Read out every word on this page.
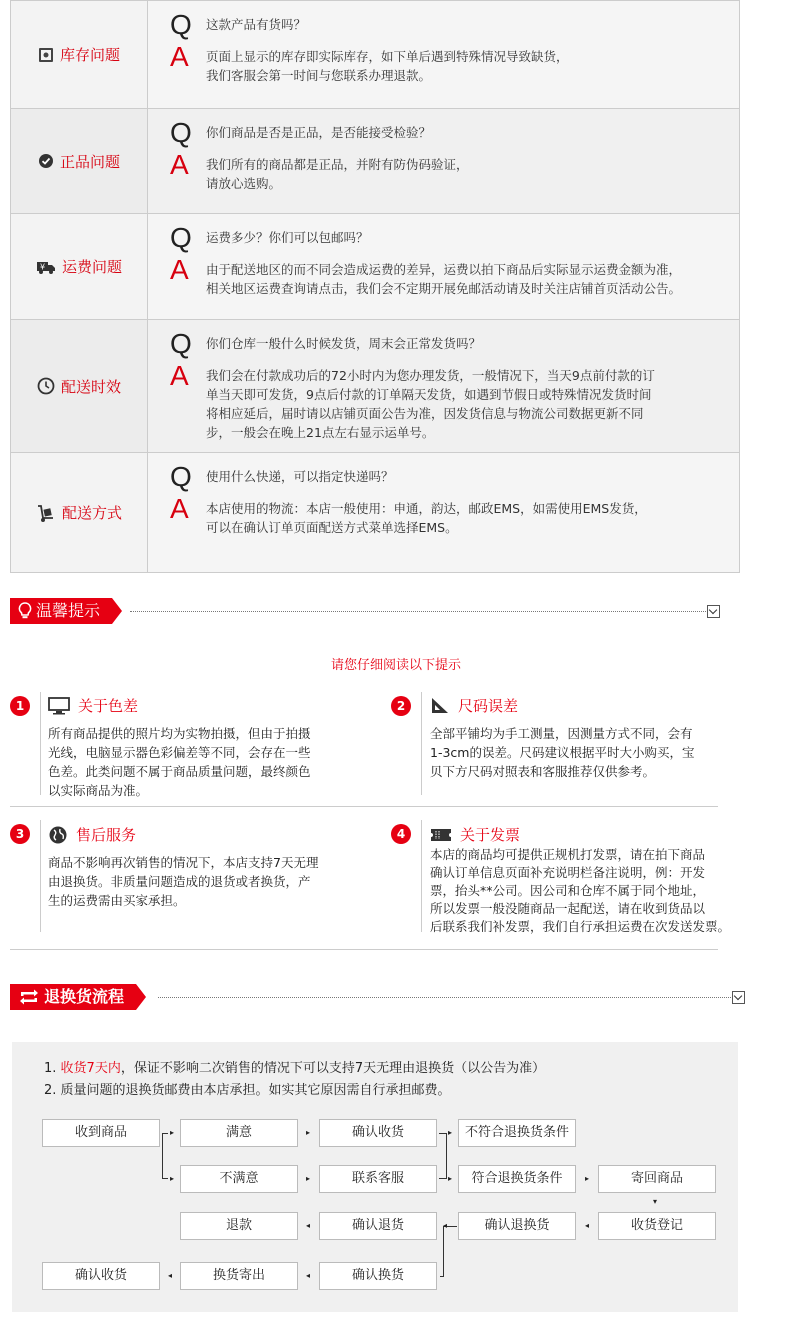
库存问题
Q	这款产品有货吗？
A	页面上显示的库存即实际库存，如下单后遇到特殊情况导致缺货，
我们客服会第一时间与您联系办理退款。
正品问题
Q	你们商品是否是正品，是否能接受检验？
A	我们所有的商品都是正品，并附有防伪码验证，
请放心选购。
¥ 运费问题
Q	运费多少？你们可以包邮吗？
A	由于配送地区的而不同会造成运费的差异，运费以拍下商品后实际显示运费金额为准，
相关地区运费查询请点击，我们会不定期开展免邮活动请及时关注店铺首页活动公告。
配送时效
Q	你们仓库一般什么时候发货，周末会正常发货吗？
A	我们会在付款成功后的72小时内为您办理发货，一般情况下，当天9点前付款的订
单当天即可发货，9点后付款的订单隔天发货，如遇到节假日或特殊情况发货时间
将相应延后，届时请以店铺页面公告为准，因发货信息与物流公司数据更新不同
步，一般会在晚上21点左右显示运单号。
配送方式
Q	使用什么快递，可以指定快递吗？
A	本店使用的物流：本店一般使用：申通，韵达，邮政EMS，如需使用EMS发货，
可以在确认订单页面配送方式菜单选择EMS。
温馨提示
请您仔细阅读以下提示
1	关于色差
所有商品提供的照片均为实物拍摄，但由于拍摄
光线，电脑显示器色彩偏差等不同，会存在一些
色差。此类问题不属于商品质量问题，最终颜色
以实际商品为准。
2	尺码误差
全部平铺均为手工测量，因测量方式不同，会有
1-3cm的误差。尺码建议根据平时大小购买，宝
贝下方尺码对照表和客服推荐仅供参考。
3	售后服务
商品不影响再次销售的情况下，本店支持7天无理
由退换货。非质量问题造成的退货或者换货，产
生的运费需由买家承担。
4	关于发票
本店的商品均可提供正规机打发票，请在拍下商品
确认订单信息页面补充说明栏备注说明，例：开发
票，抬头**公司。因公司和仓库不属于同个地址，
所以发票一般没随商品一起配送，请在收到货品以
后联系我们补发票，我们自行承担运费在次发送发票。
退换货流程
1. 收货7天内，保证不影响二次销售的情况下可以支持7天无理由退换货（以公告为准）
2. 质量问题的退换货邮费由本店承担。如实其它原因需自行承担邮费。
收到商品	满意	确认收货	不符合退换货条件
不满意	联系客服	符合退换货条件	寄回商品
退款	确认退货	确认退换货	收货登记
确认收货	换货寄出	确认换货
▸
▸
▸
▸
▸
▸	▸
▾
◂
◂	◂
◂
◂
